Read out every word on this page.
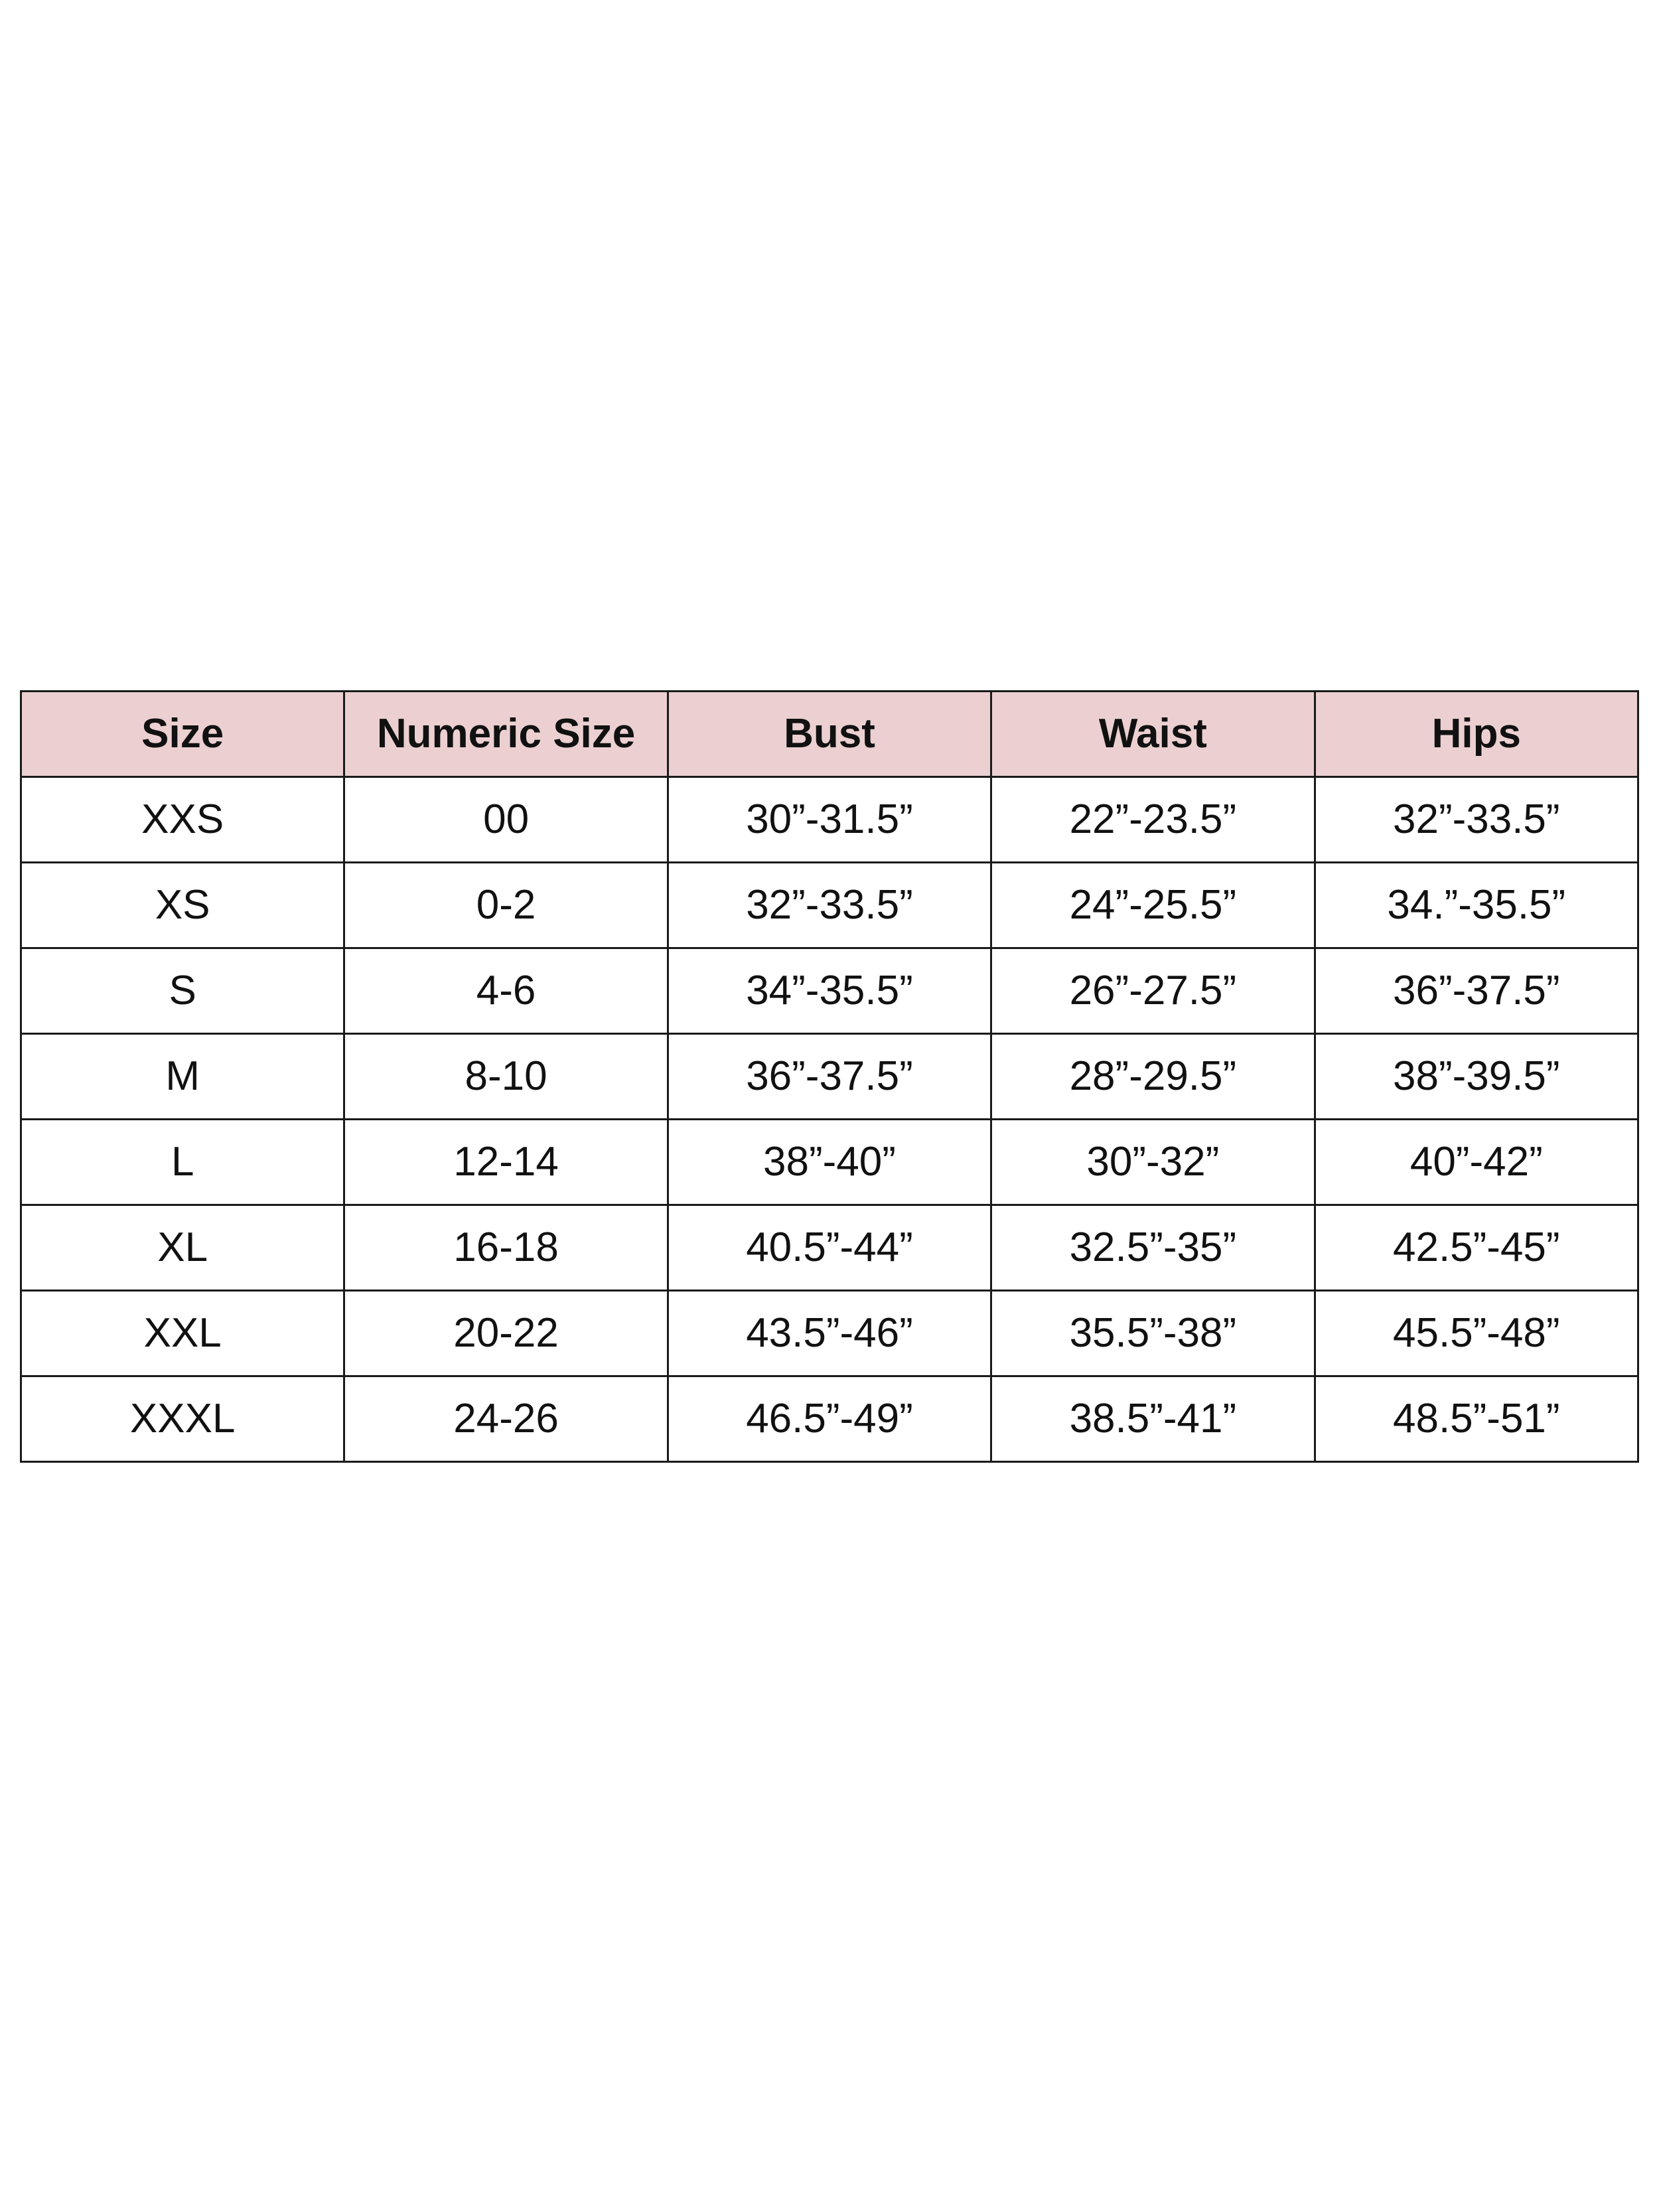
Size	Numeric Size	Bust	Waist	Hips
XXS	00	30”-31.5”	22”-23.5”	32”-33.5”
XS	0-2	32”-33.5”	24”-25.5”	34.”-35.5”
S	4-6	34”-35.5”	26”-27.5”	36”-37.5”
M	8-10	36”-37.5”	28”-29.5”	38”-39.5”
L	12-14	38”-40”	30”-32”	40”-42”
XL	16-18	40.5”-44”	32.5”-35”	42.5”-45”
XXL	20-22	43.5”-46”	35.5”-38”	45.5”-48”
XXXL	24-26	46.5”-49”	38.5”-41”	48.5”-51”
